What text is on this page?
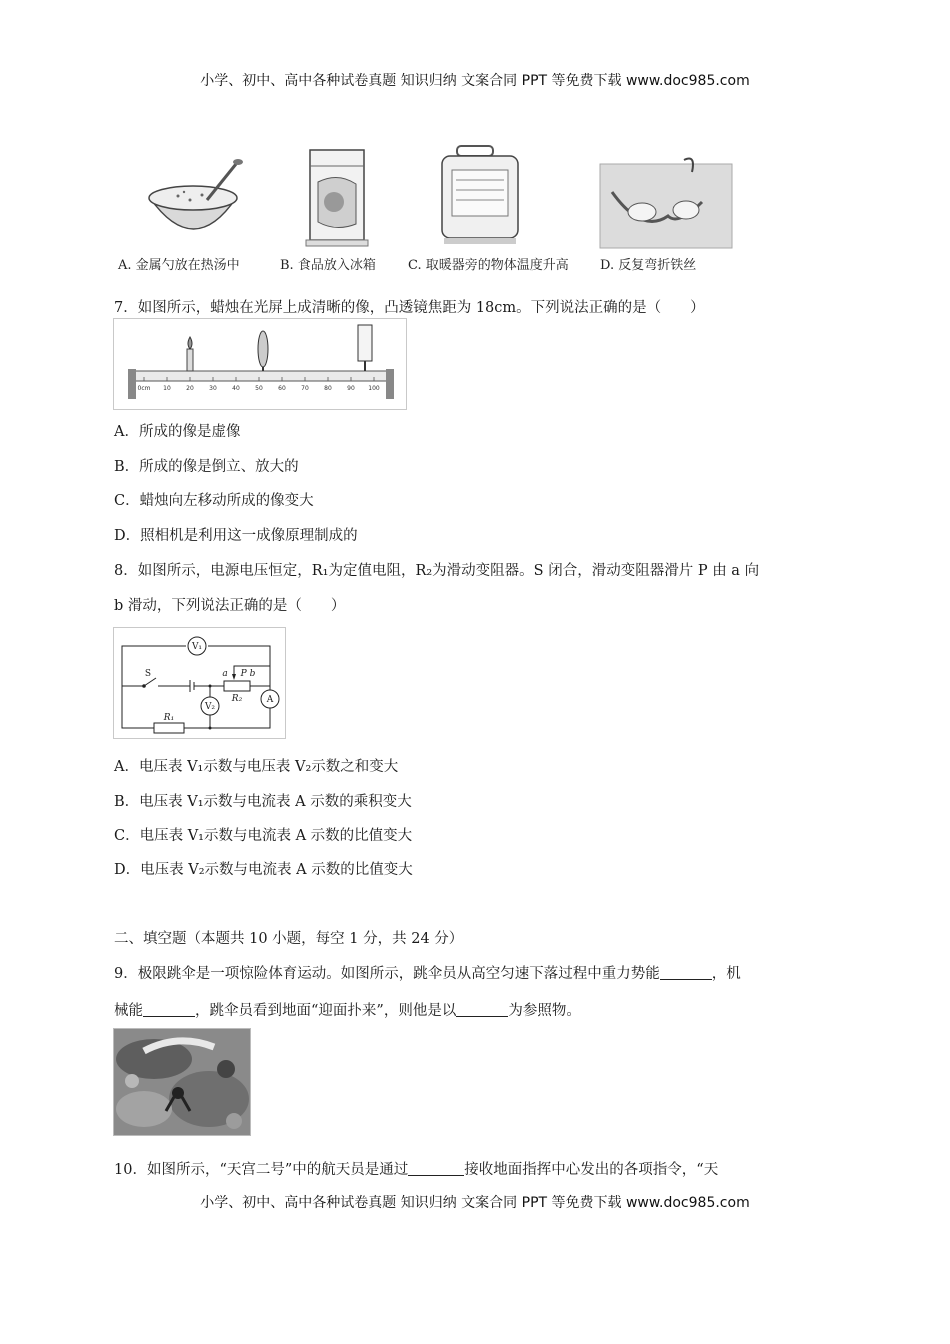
小学、初中、高中各种试卷真题 知识归纳 文案合同 PPT 等免费下载 www.doc985.com
A. 金属勺放在热汤中	B. 食品放入冰箱 C. 取暖器旁的物体温度升高 D. 反复弯折铁丝
7．如图所示，蜡烛在光屏上成清晰的像，凸透镜焦距为 18cm。下列说法正确的是（　　）
0cm 10	20	30	40	50	60	70	80	90 100
A．所成的像是虚像
B．所成的像是倒立、放大的
C．蜡烛向左移动所成的像变大
D．照相机是利用这一成像原理制成的
8．如图所示，电源电压恒定，R₁为定值电阻，R₂为滑动变阻器。S 闭合，滑动变阻器滑片 P 由 a 向
b 滑动，下列说法正确的是（　　）
V₁
V₂
A
S
R₁
R₂
a P b
A．电压表 V₁示数与电压表 V₂示数之和变大
B．电压表 V₁示数与电流表 A 示数的乘积变大
C．电压表 V₁示数与电流表 A 示数的比值变大
D．电压表 V₂示数与电流表 A 示数的比值变大
二、填空题（本题共 10 小题，每空 1 分，共 24 分）
9．极限跳伞是一项惊险体育运动。如图所示，跳伞员从高空匀速下落过程中重力势能	，机
械能	，跳伞员看到地面“迎面扑来”，则他是以	为参照物。
10．如图所示，“天宫二号”中的航天员是通过	接收地面指挥中心发出的各项指令，“天
小学、初中、高中各种试卷真题 知识归纳 文案合同 PPT 等免费下载 www.doc985.com
